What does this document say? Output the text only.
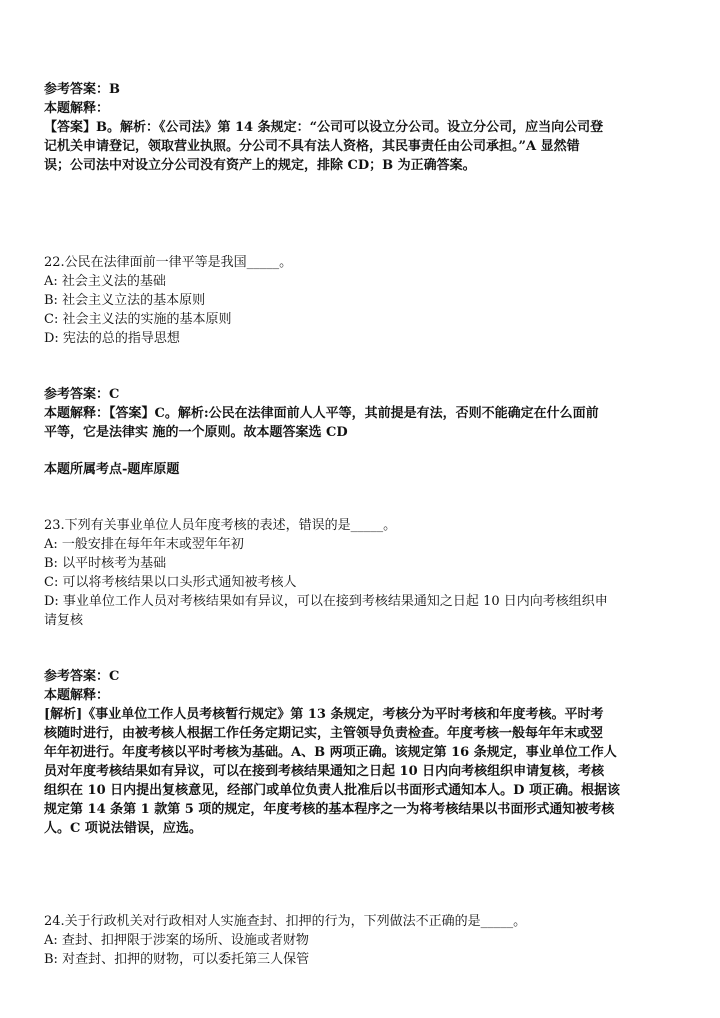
参考答案：B
本题解释：
【答案】B。解析：《公司法》第 14 条规定：“公司可以设立分公司。设立分公司，应当向公司登
记机关申请登记，领取营业执照。分公司不具有法人资格，其民事责任由公司承担。”A 显然错
误；公司法中对设立分公司没有资产上的规定，排除 CD；B 为正确答案。
22.公民在法律面前一律平等是我国_____。
A: 社会主义法的基础
B: 社会主义立法的基本原则
C: 社会主义法的实施的基本原则
D: 宪法的总的指导思想
参考答案：C
本题解释：【答案】C。解析:公民在法律面前人人平等，其前提是有法，否则不能确定在什么面前
平等，它是法律实 施的一个原则。故本题答案选 CD
本题所属考点-题库原题
23.下列有关事业单位人员年度考核的表述，错误的是_____。
A: 一般安排在每年年末或翌年年初
B: 以平时核考为基础
C: 可以将考核结果以口头形式通知被考核人
D: 事业单位工作人员对考核结果如有异议，可以在接到考核结果通知之日起 10 日内向考核组织申
请复核
参考答案：C
本题解释：
[解析]《事业单位工作人员考核暂行规定》第 13 条规定，考核分为平时考核和年度考核。平时考
核随时进行，由被考核人根据工作任务定期记实，主管领导负责检查。年度考核一般每年年末或翌
年年初进行。年度考核以平时考核为基础。A、B 两项正确。该规定第 16 条规定，事业单位工作人
员对年度考核结果如有异议，可以在接到考核结果通知之日起 10 日内向考核组织申请复核，考核
组织在 10 日内提出复核意见，经部门或单位负责人批准后以书面形式通知本人。D 项正确。根据该
规定第 14 条第 1 款第 5 项的规定，年度考核的基本程序之一为将考核结果以书面形式通知被考核
人。C 项说法错误，应选。
24.关于行政机关对行政相对人实施查封、扣押的行为，下列做法不正确的是_____。
A: 查封、扣押限于涉案的场所、设施或者财物
B: 对查封、扣押的财物，可以委托第三人保管
